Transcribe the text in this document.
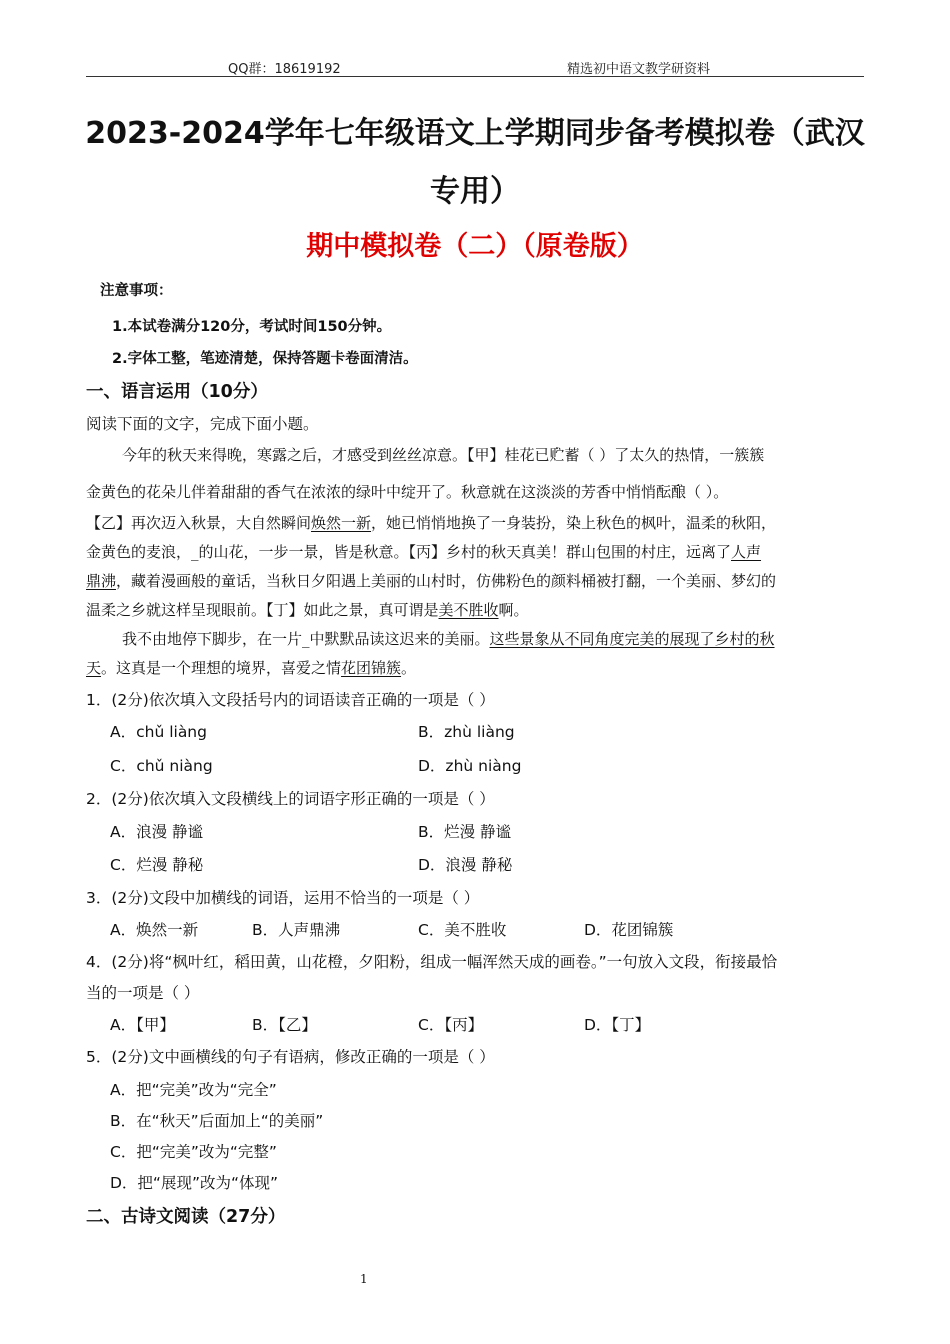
QQ群：18619192	精选初中语文教学研资料
2023-2024学年七年级语文上学期同步备考模拟卷（武汉
专用）
期中模拟卷（二）（原卷版）
注意事项：
1.本试卷满分120分，考试时间150分钟。
2.字体工整，笔迹清楚，保持答题卡卷面清洁。
一、语言运用（10分）
阅读下面的文字，完成下面小题。
今年的秋天来得晚，寒露之后，才感受到丝丝凉意。【甲】桂花已贮蓄（ ）了太久的热情，一簇簇
金黄色的花朵儿伴着甜甜的香气在浓浓的绿叶中绽开了。秋意就在这淡淡的芳香中悄悄酝酿（ ）。
【乙】再次迈入秋景，大自然瞬间焕然一新，她已悄悄地换了一身装扮，染上秋色的枫叶，温柔的秋阳，
金黄色的麦浪，_的山花，一步一景，皆是秋意。【丙】乡村的秋天真美！群山包围的村庄，远离了人声
鼎沸，藏着漫画般的童话，当秋日夕阳遇上美丽的山村时，仿佛粉色的颜料桶被打翻，一个美丽、梦幻的
温柔之乡就这样呈现眼前。【丁】如此之景，真可谓是美不胜收啊。
我不由地停下脚步，在一片_中默默品读这迟来的美丽。这些景象从不同角度完美的展现了乡村的秋
天。这真是一个理想的境界，喜爱之情花团锦簇。
1．(2分)依次填入文段括号内的词语读音正确的一项是（ ）
A．chǔ liàng	B．zhù liàng
C．chǔ niàng	D．zhù niàng
2．(2分)依次填入文段横线上的词语字形正确的一项是（ ）
A．浪漫 静谧	B．烂漫 静谧
C．烂漫 静秘	D．浪漫 静秘
3．(2分)文段中加横线的词语，运用不恰当的一项是（ ）
A．焕然一新	B．人声鼎沸	C．美不胜收	D．花团锦簇
4．(2分)将“枫叶红，稻田黄，山花橙，夕阳粉，组成一幅浑然天成的画卷。”一句放入文段，衔接最恰
当的一项是（ ）
A．【甲】	B．【乙】	C．【丙】	D．【丁】
5．(2分)文中画横线的句子有语病，修改正确的一项是（ ）
A．把“完美”改为“完全”
B．在“秋天”后面加上“的美丽”
C．把“完美”改为“完整”
D．把“展现”改为“体现”
二、古诗文阅读（27分）
1
